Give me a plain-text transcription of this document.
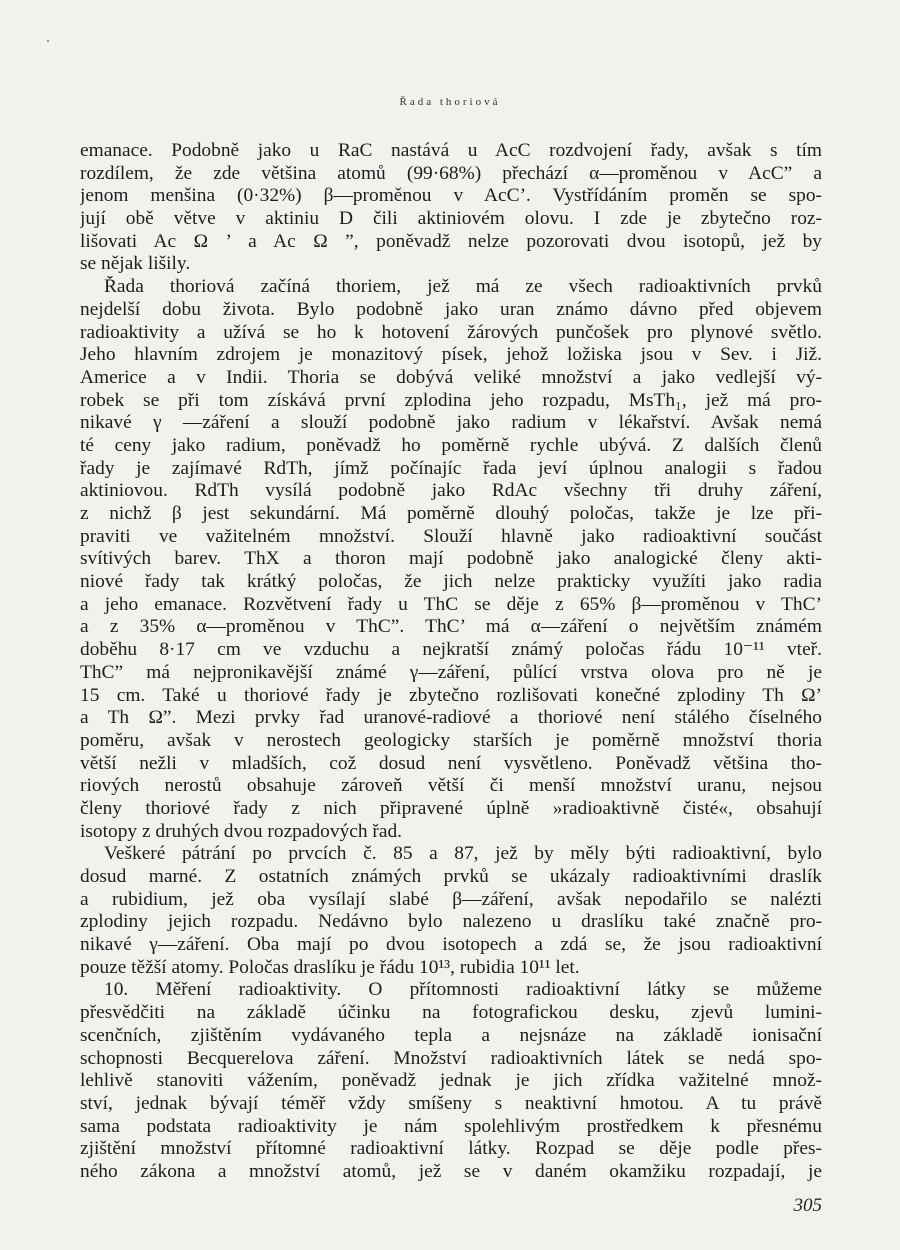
Řada thoriová
emanace. Podobně jako u RaC nastává u AcC rozdvojení řady, avšak s tím
rozdílem, že zde většina atomů (99·68%) přechází α—proměnou v AcC” a
jenom menšina (0·32%) β—proměnou v AcC’. Vystřídáním proměn se spo-
jují obě větve v aktiniu D čili aktiniovém olovu. I zde je zbytečno roz-
lišovati Ac Ω ’ a Ac Ω ”, poněvadž nelze pozorovati dvou isotopů, jež by
se nějak lišily.
Řada thoriová začíná thoriem, jež má ze všech radioaktivních prvků
nejdelší dobu života. Bylo podobně jako uran známo dávno před objevem
radioaktivity a užívá se ho k hotovení žárových punčošek pro plynové světlo.
Jeho hlavním zdrojem je monazitový písek, jehož ložiska jsou v Sev. i Již.
Americe a v Indii. Thoria se dobývá veliké množství a jako vedlejší vý-
robek se při tom získává první zplodina jeho rozpadu, MsTh₁, jež má pro-
nikavé γ —záření a slouží podobně jako radium v lékařství. Avšak nemá
té ceny jako radium, poněvadž ho poměrně rychle ubývá. Z dalších členů
řady je zajímavé RdTh, jímž počínajíc řada jeví úplnou analogii s řadou
aktiniovou. RdTh vysílá podobně jako RdAc všechny tři druhy záření,
z nichž β jest sekundární. Má poměrně dlouhý poločas, takže je lze při-
praviti ve važitelném množství. Slouží hlavně jako radioaktivní součást
svítivých barev. ThX a thoron mají podobně jako analogické členy akti-
niové řady tak krátký poločas, že jich nelze prakticky využíti jako radia
a jeho emanace. Rozvětvení řady u ThC se děje z 65% β—proměnou v ThC’
a z 35% α—proměnou v ThC”. ThC’ má α—záření o největším známém
doběhu 8·17 cm ve vzduchu a nejkratší známý poločas řádu 10⁻¹¹ vteř.
ThC” má nejpronikavější známé γ—záření, půlící vrstva olova pro ně je
15 cm. Také u thoriové řady je zbytečno rozlišovati konečné zplodiny Th Ω’
a Th Ω”. Mezi prvky řad uranové-radiové a thoriové není stálého číselného
poměru, avšak v nerostech geologicky starších je poměrně množství thoria
větší nežli v mladších, což dosud není vysvětleno. Poněvadž většina tho-
riových nerostů obsahuje zároveň větší či menší množství uranu, nejsou
členy thoriové řady z nich připravené úplně »radioaktivně čisté«, obsahují
isotopy z druhých dvou rozpadových řad.
Veškeré pátrání po prvcích č. 85 a 87, jež by měly býti radioaktivní, bylo
dosud marné. Z ostatních známých prvků se ukázaly radioaktivními draslík
a rubidium, jež oba vysílají slabé β—záření, avšak nepodařilo se nalézti
zplodiny jejich rozpadu. Nedávno bylo nalezeno u draslíku také značně pro-
nikavé γ—záření. Oba mají po dvou isotopech a zdá se, že jsou radioaktivní
pouze těžší atomy. Poločas draslíku je řádu 10¹³, rubidia 10¹¹ let.
10. Měření radioaktivity. O přítomnosti radioaktivní látky se můžeme
přesvědčiti na základě účinku na fotografickou desku, zjevů lumini-
scenčních, zjištěním vydávaného tepla a nejsnáze na základě ionisační
schopnosti Becquerelova záření. Množství radioaktivních látek se nedá spo-
lehlivě stanoviti vážením, poněvadž jednak je jich zřídka važitelné množ-
ství, jednak bývají téměř vždy smíšeny s neaktivní hmotou. A tu právě
sama podstata radioaktivity je nám spolehlivým prostředkem k přesnému
zjištění množství přítomné radioaktivní látky. Rozpad se děje podle přes-
ného zákona a množství atomů, jež se v daném okamžiku rozpadají, je
305
